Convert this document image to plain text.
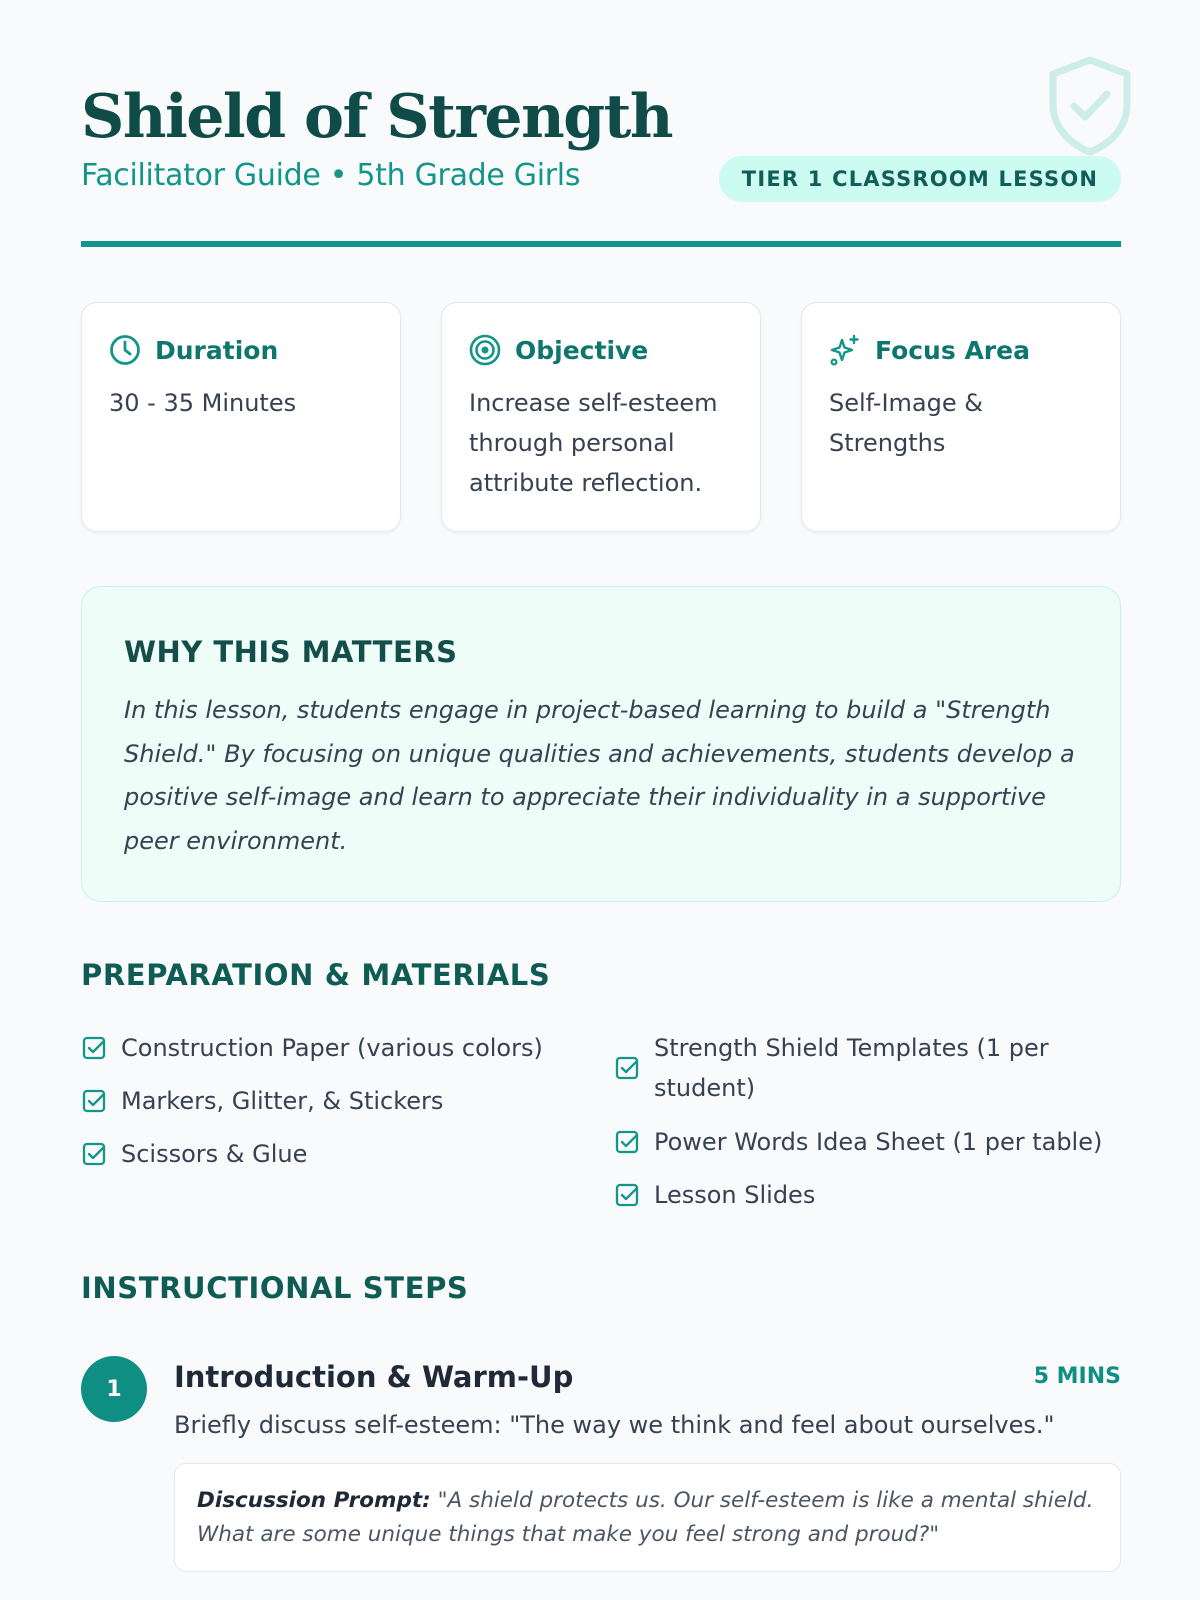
Shield of Strength
Facilitator Guide • 5th Grade Girls	TIER 1 CLASSROOM LESSON
Duration
30 - 35 Minutes
Objective
Increase self-esteem through personal attribute reflection.
Focus Area
Self-Image & Strengths
WHY THIS MATTERS

In this lesson, students engage in project-based learning to build a "Strength Shield." By focusing on unique qualities and achievements, students develop a positive self-image and learn to appreciate their individuality in a supportive peer environment.

PREPARATION & MATERIALS
Construction Paper (various colors)
Markers, Glitter, & Stickers
Scissors & Glue
Strength Shield Templates (1 per student)
Power Words Idea Sheet (1 per table)
Lesson Slides
INSTRUCTIONAL STEPS
1	Introduction & Warm-Up	5 MINS
Briefly discuss self-esteem: "The way we think and feel about ourselves."
Discussion Prompt: "A shield protects us. Our self-esteem is like a mental shield. What are some unique things that make you feel strong and proud?"
